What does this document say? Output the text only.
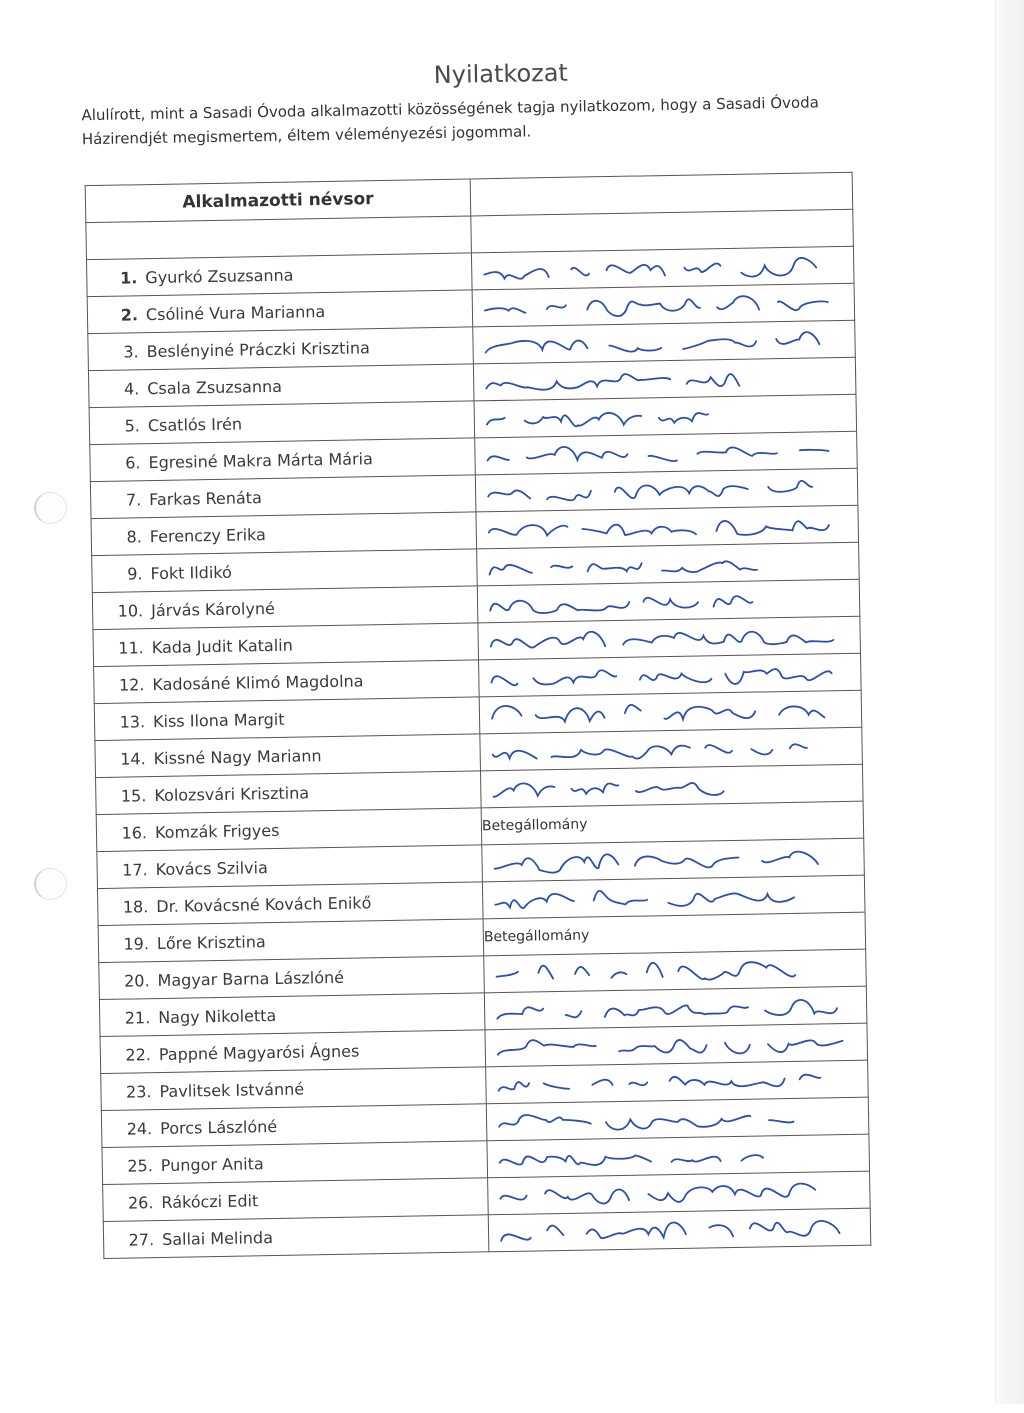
Nyilatkozat
Alulírott, mint a Sasadi Óvoda alkalmazotti közösségének tagja nyilatkozom, hogy a Sasadi Óvoda Házirendjét megismertem, éltem véleményezési jogommal.
Alkalmazotti névsor	

1. Gyurkó Zsuzsanna	

2. Csóliné Vura Marianna	

3. Beslényiné Práczki Krisztina	

4. Csala Zsuzsanna	

5. Csatlós Irén	

6. Egresiné Makra Márta Mária	

7. Farkas Renáta	

8. Ferenczy Erika	

9. Fokt Ildikó	

10. Járvás Károlyné	

11. Kada Judit Katalin	

12. Kadosáné Klimó Magdolna	

13. Kiss Ilona Margit	

14. Kissné Nagy Mariann	

15. Kolozsvári Krisztina	

16. Komzák Frigyes	Betegállomány
17. Kovács Szilvia	

18. Dr. Kovácsné Kovách Enikő	

19. Lőre Krisztina	Betegállomány
20. Magyar Barna Lászlóné	

21. Nagy Nikoletta	

22. Pappné Magyarósi Ágnes	

23. Pavlitsek Istvánné	

24. Porcs Lászlóné	

25. Pungor Anita	

26. Rákóczi Edit	

27. Sallai Melinda	
